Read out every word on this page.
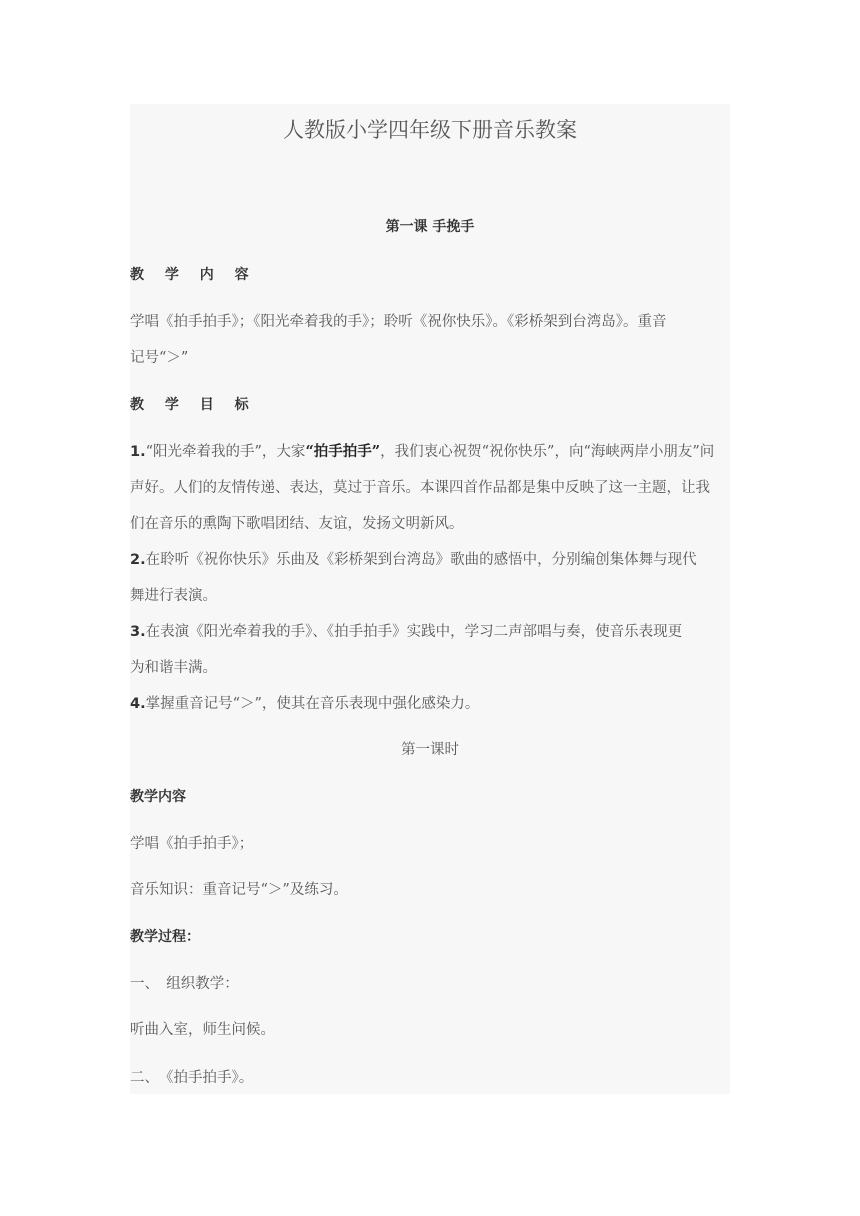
人教版小学四年级下册音乐教案
第一课 手挽手
教 学 内 容
学唱《拍手拍手》；《阳光牵着我的手》；聆听《祝你快乐》。《彩桥架到台湾岛》。重音
记号“＞”
教 学 目 标
1.“阳光牵着我的手”，大家“拍手拍手”，我们衷心祝贺“祝你快乐”，向“海峡两岸小朋友”问
声好。人们的友情传递、表达，莫过于音乐。本课四首作品都是集中反映了这一主题，让我
们在音乐的熏陶下歌唱团结、友谊，发扬文明新风。
2.在聆听《祝你快乐》乐曲及《彩桥架到台湾岛》歌曲的感悟中，分别编创集体舞与现代
舞进行表演。
3.在表演《阳光牵着我的手》、《拍手拍手》实践中，学习二声部唱与奏，使音乐表现更
为和谐丰满。
4.掌握重音记号“＞”，使其在音乐表现中强化感染力。
第一课时
教学内容
学唱《拍手拍手》；
音乐知识：重音记号“＞”及练习。
教学过程：
一、　组织教学：
听曲入室，师生问候。
二、　《拍手拍手》。
